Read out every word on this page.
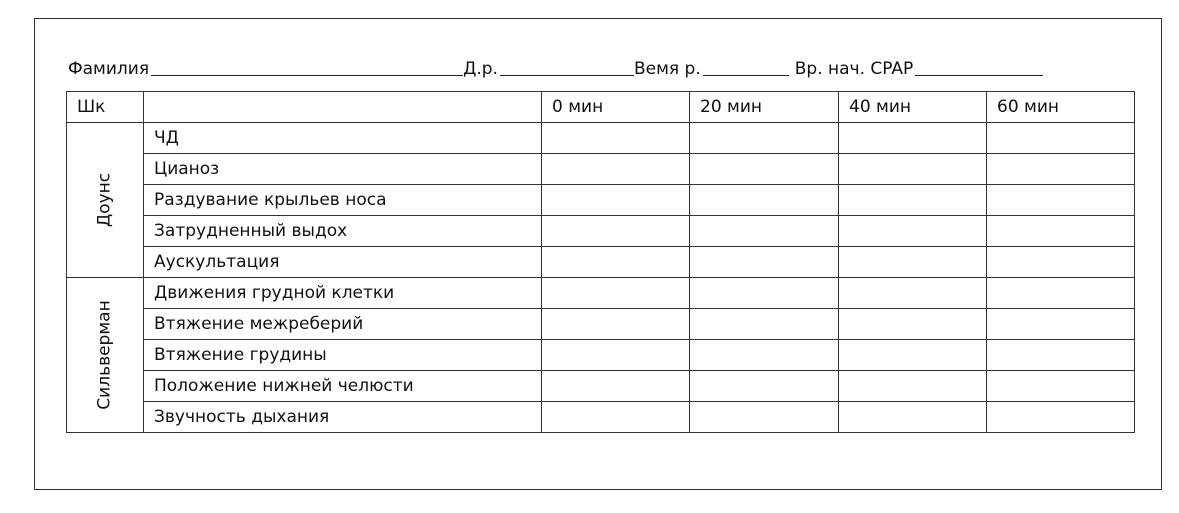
Фамилия	Д.р.	Вемя р.	Вр. нач. CPAP
Шк		0 мин	20 мин	40 мин	60 мин

Доунс	ЧД				
	Цианоз				
	Раздувание крыльев носа				
	Затрудненный выдох				
	Аускультация				

Сильверман	Движения грудной клетки				
	Втяжение межреберий				
	Втяжение грудины				
	Положение нижней челюсти				
	Звучность дыхания				
